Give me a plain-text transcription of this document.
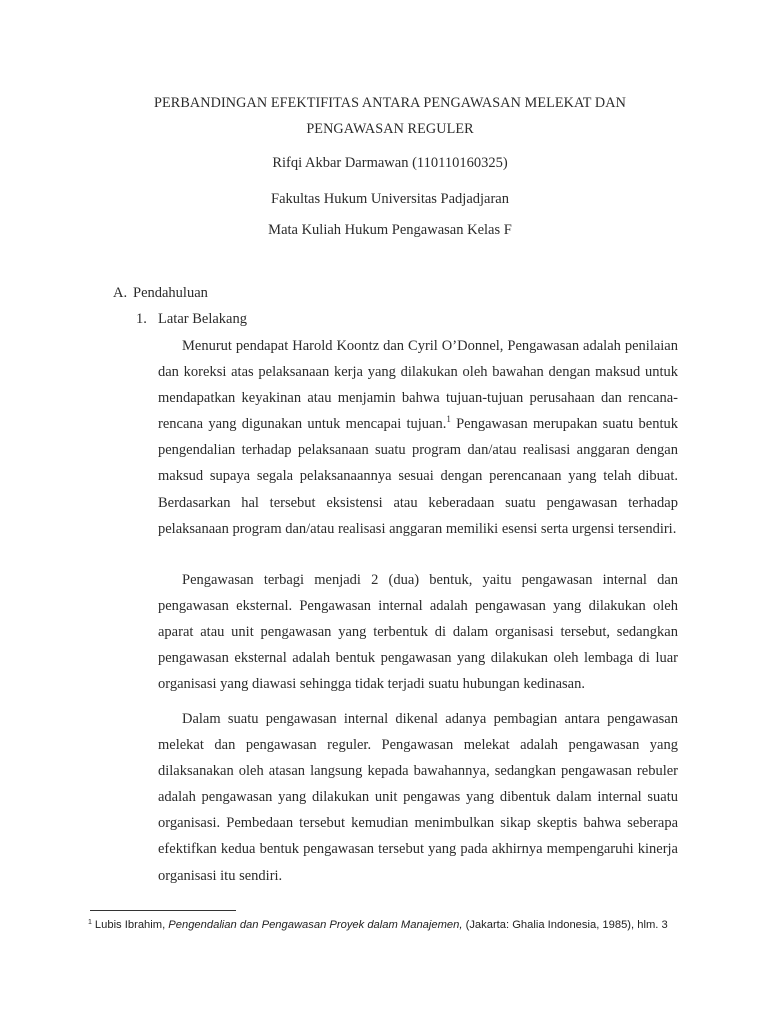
PERBANDINGAN EFEKTIFITAS ANTARA PENGAWASAN MELEKAT DAN
PENGAWASAN REGULER
Rifqi Akbar Darmawan (110110160325)
Fakultas Hukum Universitas Padjadjaran
Mata Kuliah Hukum Pengawasan Kelas F
A. Pendahuluan
1. Latar Belakang

Menurut pendapat Harold Koontz dan Cyril O’Donnel, Pengawasan adalah penilaian dan koreksi atas pelaksanaan kerja yang dilakukan oleh bawahan dengan maksud untuk mendapatkan keyakinan atau menjamin bahwa tujuan-tujuan perusahaan dan rencana-rencana yang digunakan untuk mencapai tujuan.$^1$ Pengawasan merupakan suatu bentuk pengendalian terhadap pelaksanaan suatu program dan/atau realisasi anggaran dengan maksud supaya segala pelaksanaannya sesuai dengan perencanaan yang telah dibuat. Berdasarkan hal tersebut eksistensi atau keberadaan suatu pengawasan terhadap pelaksanaan program dan/atau realisasi anggaran memiliki esensi serta urgensi tersendiri.

Pengawasan terbagi menjadi 2 (dua) bentuk, yaitu pengawasan internal dan pengawasan eksternal. Pengawasan internal adalah pengawasan yang dilakukan oleh aparat atau unit pengawasan yang terbentuk di dalam organisasi tersebut, sedangkan pengawasan eksternal adalah bentuk pengawasan yang dilakukan oleh lembaga di luar organisasi yang diawasi sehingga tidak terjadi suatu hubungan kedinasan.

Dalam suatu pengawasan internal dikenal adanya pembagian antara pengawasan melekat dan pengawasan reguler. Pengawasan melekat adalah pengawasan yang dilaksanakan oleh atasan langsung kepada bawahannya, sedangkan pengawasan rebuler adalah pengawasan yang dilakukan unit pengawas yang dibentuk dalam internal suatu organisasi. Pembedaan tersebut kemudian menimbulkan sikap skeptis bahwa seberapa efektifkan kedua bentuk pengawasan tersebut yang pada akhirnya mempengaruhi kinerja organisasi itu sendiri.

$^1$ Lubis Ibrahim, Pengendalian dan Pengawasan Proyek dalam Manajemen, (Jakarta: Ghalia Indonesia, 1985), hlm. 3
